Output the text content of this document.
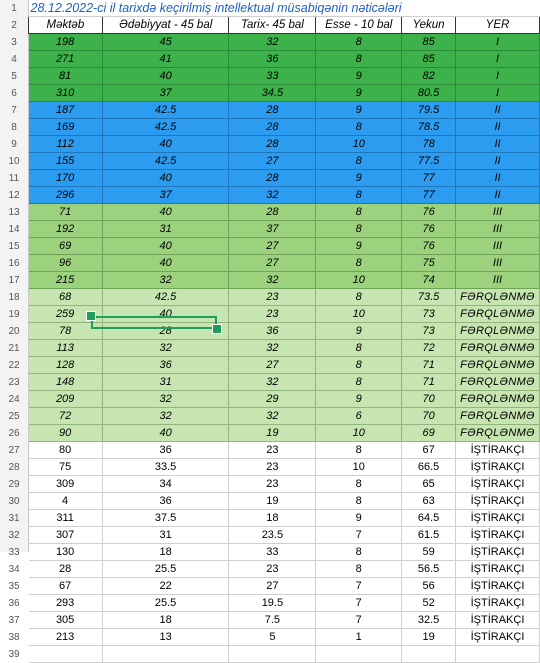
1
2
3
4
5
6
7
8
9
10
11
12
13
14
15
16
17
18
19
20
21
22
23
24
25
26
27
28
29
30
31
32
33
34
35
36
37
38
39
28.12.2022-ci il tarixdə keçirilmiş intellektual müsabiqənin nəticələri					
Məktəb	Ədəbiyyat - 45 bal	Tarix- 45 bal	Esse - 10 bal	Yekun	YER
198	45	32	8	85	I
271	41	36	8	85	I
81	40	33	9	82	I
310	37	34.5	9	80.5	I
187	42.5	28	9	79.5	II
169	42.5	28	8	78.5	II
112	40	28	10	78	II
155	42.5	27	8	77.5	II
170	40	28	9	77	II
296	37	32	8	77	II
71	40	28	8	76	III
192	31	37	8	76	III
69	40	27	9	76	III
96	40	27	8	75	III
215	32	32	10	74	III
68	42.5	23	8	73.5	FƏRQLƏNMƏ
259	40	23	10	73	FƏRQLƏNMƏ
78	28	36	9	73	FƏRQLƏNMƏ
113	32	32	8	72	FƏRQLƏNMƏ
128	36	27	8	71	FƏRQLƏNMƏ
148	31	32	8	71	FƏRQLƏNMƏ
209	32	29	9	70	FƏRQLƏNMƏ
72	32	32	6	70	FƏRQLƏNMƏ
90	40	19	10	69	FƏRQLƏNMƏ
80	36	23	8	67	İŞTİRAKÇI
75	33.5	23	10	66.5	İŞTİRAKÇI
309	34	23	8	65	İŞTİRAKÇI
4	36	19	8	63	İŞTİRAKÇI
311	37.5	18	9	64.5	İŞTİRAKÇI
307	31	23.5	7	61.5	İŞTİRAKÇI
130	18	33	8	59	İŞTİRAKÇI
28	25.5	23	8	56.5	İŞTİRAKÇI
67	22	27	7	56	İŞTİRAKÇI
293	25.5	19.5	7	52	İŞTİRAKÇI
305	18	7.5	7	32.5	İŞTİRAKÇI
213	13	5	1	19	İŞTİRAKÇI
